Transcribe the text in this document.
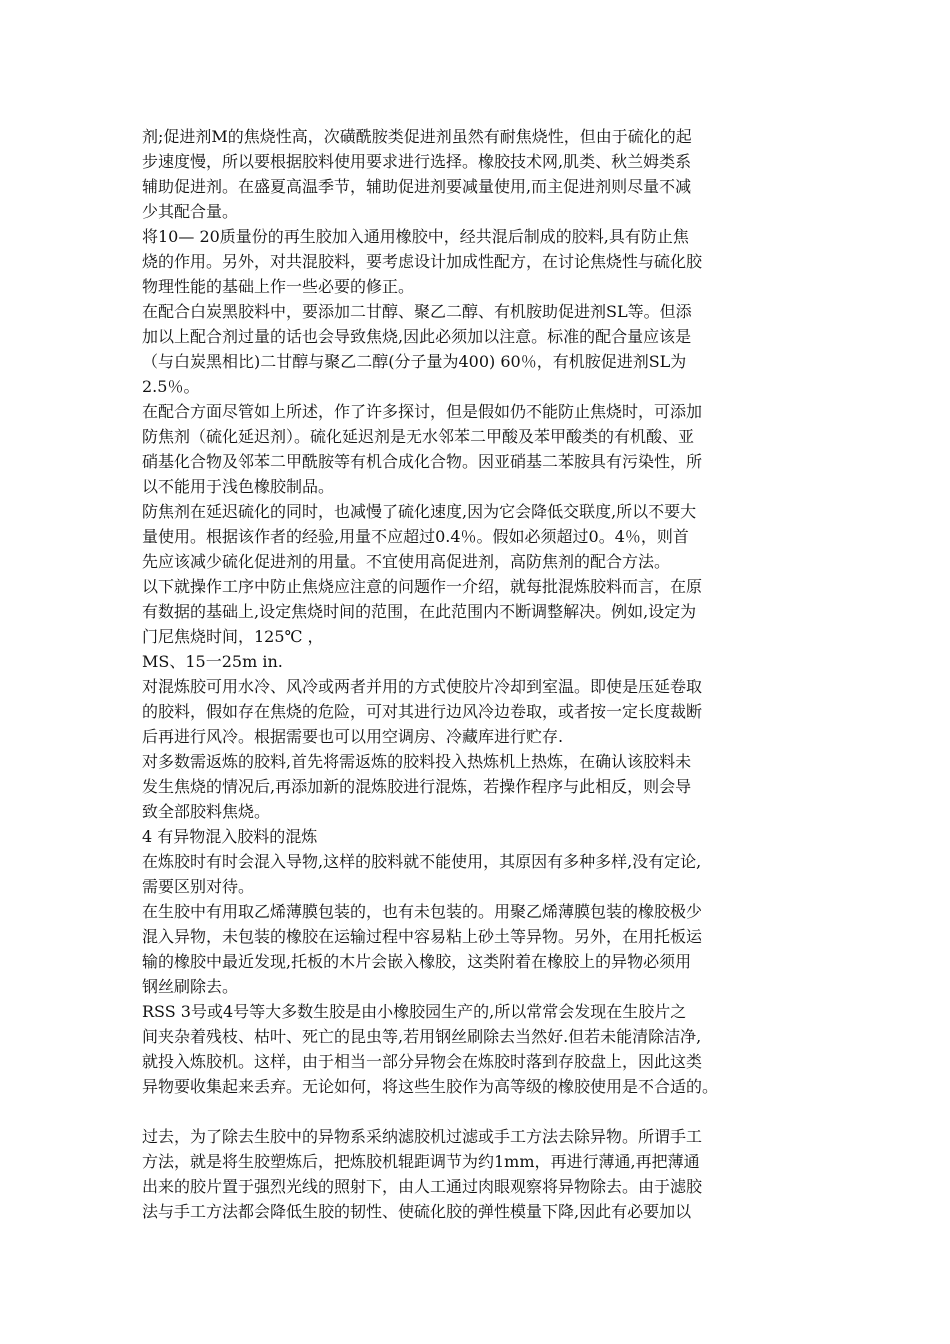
剂;促进剂M的焦烧性高，次磺酰胺类促进剂虽然有耐焦烧性，但由于硫化的起
步速度慢，所以要根据胶料使用要求进行选择。橡胶技术网,肌类、秋兰姆类系
辅助促进剂。在盛夏高温季节，辅助促进剂要减量使用,而主促进剂则尽量不减
少其配合量。

将10— 20质量份的再生胶加入通用橡胶中，经共混后制成的胶料,具有防止焦
烧的作用。另外，对共混胶料，要考虑设计加成性配方，在讨论焦烧性与硫化胶
物理性能的基础上作一些必要的修正。

在配合白炭黑胶料中，要添加二甘醇、聚乙二醇、有机胺助促进剂SL等。但添
加以上配合剂过量的话也会导致焦烧,因此必须加以注意。标准的配合量应该是
（与白炭黑相比)二甘醇与聚乙二醇(分子量为400) 60％，有机胺促进剂SL为
2.5％。

在配合方面尽管如上所述，作了许多探讨，但是假如仍不能防止焦烧时，可添加
防焦剂（硫化延迟剂）。硫化延迟剂是无水邻苯二甲酸及苯甲酸类的有机酸、亚
硝基化合物及邻苯二甲酰胺等有机合成化合物。因亚硝基二苯胺具有污染性，所
以不能用于浅色橡胶制品。

防焦剂在延迟硫化的同时，也减慢了硫化速度,因为它会降低交联度,所以不要大
量使用。根据该作者的经验,用量不应超过0.4％。假如必须超过0。4％，则首
先应该减少硫化促进剂的用量。不宜使用高促进剂，高防焦剂的配合方法。

以下就操作工序中防止焦烧应注意的问题作一介绍，就每批混炼胶料而言，在原
有数据的基础上,设定焦烧时间的范围，在此范围内不断调整解决。例如,设定为
门尼焦烧时间，125℃ ，

MS、15一25m in.

对混炼胶可用水冷、风冷或两者并用的方式使胶片冷却到室温。即使是压延卷取
的胶料，假如存在焦烧的危险，可对其进行边风冷边卷取，或者按一定长度裁断
后再进行风冷。根据需要也可以用空调房、冷藏库进行贮存.

对多数需返炼的胶料,首先将需返炼的胶料投入热炼机上热炼，在确认该胶料未
发生焦烧的情况后,再添加新的混炼胶进行混炼，若操作程序与此相反，则会导
致全部胶料焦烧。

4 有异物混入胶料的混炼

在炼胶时有时会混入导物,这样的胶料就不能使用，其原因有多种多样,没有定论,
需要区别对待。

在生胶中有用取乙烯薄膜包装的，也有未包装的。用聚乙烯薄膜包装的橡胶极少
混入异物，未包装的橡胶在运输过程中容易粘上砂土等异物。另外，在用托板运
输的橡胶中最近发现,托板的木片会嵌入橡胶，这类附着在橡胶上的异物必须用
钢丝刷除去。

RSS 3号或4号等大多数生胶是由小橡胶园生产的,所以常常会发现在生胶片之
间夹杂着残枝、枯叶、死亡的昆虫等,若用钢丝刷除去当然好.但若未能清除洁净,
就投入炼胶机。这样，由于相当一部分异物会在炼胶时落到存胶盘上，因此这类
异物要收集起来丢弃。无论如何，将这些生胶作为高等级的橡胶使用是不合适的。

过去，为了除去生胶中的异物系采纳滤胶机过滤或手工方法去除异物。所谓手工
方法，就是将生胶塑炼后，把炼胶机辊距调节为约1mm，再进行薄通,再把薄通
出来的胶片置于强烈光线的照射下，由人工通过肉眼观察将异物除去。由于滤胶
法与手工方法都会降低生胶的韧性、使硫化胶的弹性模量下降,因此有必要加以
